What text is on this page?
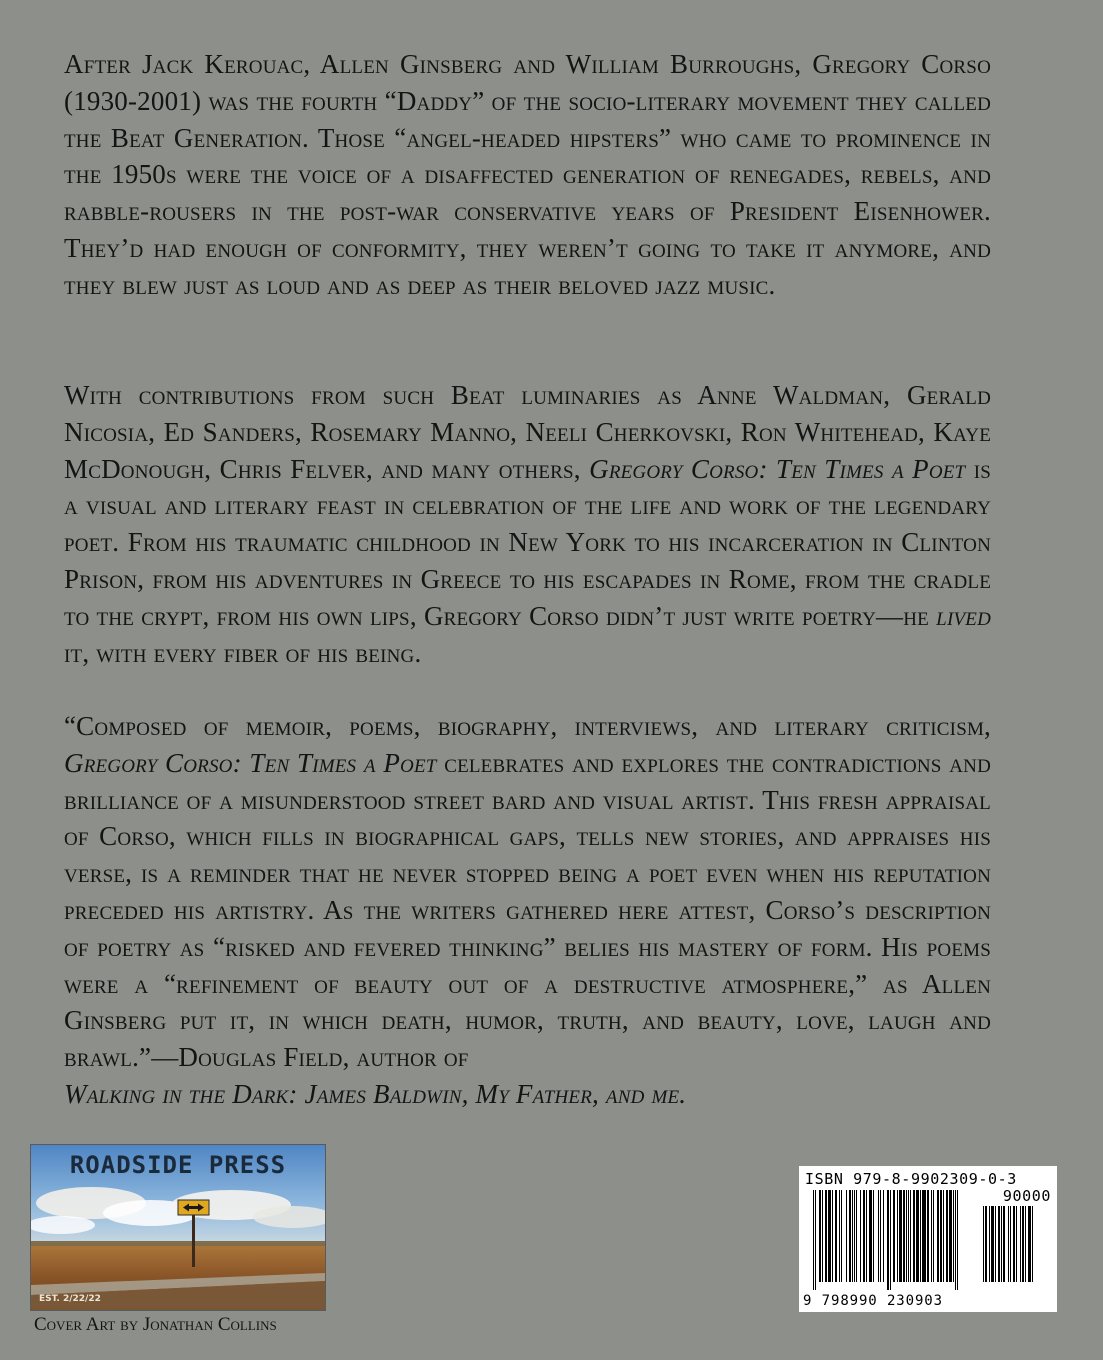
After Jack Kerouac, Allen Ginsberg and William Burroughs, Gregory Corso (1930-2001) was the fourth “Daddy” of the socio-literary movement they called the Beat Generation. Those “angel-headed hipsters” who came to prominence in the 1950s were the voice of a disaffected generation of renegades, rebels, and rabble-rousers in the post-war conservative years of President Eisenhower. They’d had enough of conformity, they weren’t going to take it anymore, and they blew just as loud and as deep as their beloved jazz music.

With contributions from such Beat luminaries as Anne Waldman, Gerald Nicosia, Ed Sanders, Rosemary Manno, Neeli Cherkovski, Ron Whitehead, Kaye McDonough, Chris Felver, and many others, Gregory Corso: Ten Times a Poet is a visual and literary feast in celebration of the life and work of the legendary poet. From his traumatic childhood in New York to his incarceration in Clinton Prison, from his adventures in Greece to his escapades in Rome, from the cradle to the crypt, from his own lips, Gregory Corso didn’t just write poetry—he lived it, with every fiber of his being.

“Composed of memoir, poems, biography, interviews, and literary criticism, Gregory Corso: Ten Times a Poet celebrates and explores the contradictions and brilliance of a misunderstood street bard and visual artist. This fresh appraisal of Corso, which fills in biographical gaps, tells new stories, and appraises his verse, is a reminder that he never stopped being a poet even when his reputation preceded his artistry. As the writers gathered here attest, Corso’s description of poetry as “risked and fevered thinking” belies his mastery of form. His poems were a “refinement of beauty out of a destructive atmosphere,” as Allen Ginsberg put it, in which death, humor, truth, and beauty, love, laugh and brawl.”—Douglas Field, author of
Walking in the Dark: James Baldwin, My Father, and me.

ROADSIDE PRESS
EST. 2/22/22
Cover Art by Jonathan Collins
ISBN 979-8-9902309-0-3
90000
9 798990 230903
